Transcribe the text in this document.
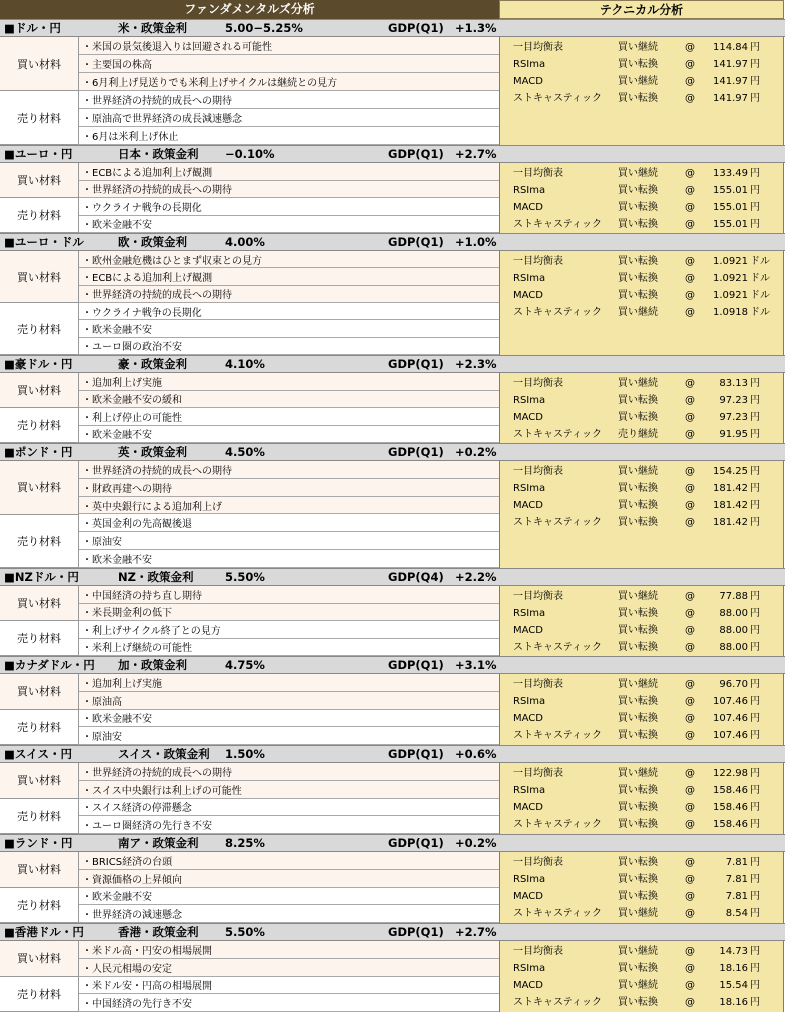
ファンダメンタルズ分析	テクニカル分析
■ドル・円	米・政策金利	5.00−5.25%	GDP(Q1) +1.3%
買い材料
・米国の景気後退入りは回避される可能性
・主要国の株高
・6月利上げ見送りでも米利上げサイクルは継続との見方
売り材料
・世界経済の持続的成長への期待
・原油高で世界経済の成長減速懸念
・6月は米利上げ休止
一目均衡表	買い継続	@ 114.84 円
RSIma	買い転換	@ 141.97 円
MACD	買い継続	@ 141.97 円
ストキャスティック 買い転換	@ 141.97 円
■ユーロ・円	日本・政策金利 −0.10%	GDP(Q1) +2.7%
買い材料
・ECBによる追加利上げ観測
・世界経済の持続的成長への期待
売り材料
・ウクライナ戦争の長期化
・欧米金融不安
一目均衡表	買い継続	@ 133.49 円
RSIma	買い転換	@ 155.01 円
MACD	買い転換	@ 155.01 円
ストキャスティック 買い転換	@ 155.01 円
■ユーロ・ドル	欧・政策金利	4.00%	GDP(Q1) +1.0%
買い材料
・欧州金融危機はひとまず収束との見方
・ECBによる追加利上げ観測
・世界経済の持続的成長への期待
売り材料
・ウクライナ戦争の長期化
・欧米金融不安
・ユーロ圏の政治不安
一目均衡表	買い転換	@ 1.0921 ドル
RSIma	買い転換	@ 1.0921 ドル
MACD	買い転換	@ 1.0921 ドル
ストキャスティック 買い継続	@ 1.0918 ドル
■豪ドル・円	豪・政策金利	4.10%	GDP(Q1) +2.3%
買い材料
・追加利上げ実施
・欧米金融不安の緩和
売り材料
・利上げ停止の可能性
・欧米金融不安
一目均衡表	買い継続	@ 83.13 円
RSIma	買い転換	@ 97.23 円
MACD	買い転換	@ 97.23 円
ストキャスティック 売り継続	@ 91.95 円
■ポンド・円	英・政策金利	4.50%	GDP(Q1) +0.2%
買い材料
・世界経済の持続的成長への期待
・財政再建への期待
・英中央銀行による追加利上げ
売り材料
・英国金利の先高観後退
・原油安
・欧米金融不安
一目均衡表	買い継続	@ 154.25 円
RSIma	買い転換	@ 181.42 円
MACD	買い転換	@ 181.42 円
ストキャスティック 買い転換	@ 181.42 円
■NZドル・円	NZ・政策金利	5.50%	GDP(Q4) +2.2%
買い材料
・中国経済の持ち直し期待
・米長期金利の低下
売り材料
・利上げサイクル終了との見方
・米利上げ継続の可能性
一目均衡表	買い継続	@ 77.88 円
RSIma	買い転換	@ 88.00 円
MACD	買い転換	@ 88.00 円
ストキャスティック 買い転換	@ 88.00 円
■カナダドル・円 加・政策金利	4.75%	GDP(Q1) +3.1%
買い材料
・追加利上げ実施
・原油高
売り材料
・欧米金融不安
・原油安
一目均衡表	買い継続	@ 96.70 円
RSIma	買い転換	@ 107.46 円
MACD	買い転換	@ 107.46 円
ストキャスティック 買い転換	@ 107.46 円
■スイス・円	スイス・政策金利 1.50%	GDP(Q1) +0.6%
買い材料
・世界経済の持続的成長への期待
・スイス中央銀行は利上げの可能性
売り材料
・スイス経済の停滞懸念
・ユーロ圏経済の先行き不安
一目均衡表	買い継続	@ 122.98 円
RSIma	買い転換	@ 158.46 円
MACD	買い転換	@ 158.46 円
ストキャスティック 買い転換	@ 158.46 円
■ランド・円	南ア・政策金利 8.25%	GDP(Q1) +0.2%
買い材料
・BRICS経済の台頭
・資源価格の上昇傾向
売り材料
・欧米金融不安
・世界経済の減速懸念
一目均衡表	買い転換	@	7.81 円
RSIma	買い転換	@	7.81 円
MACD	買い転換	@	7.81 円
ストキャスティック 買い継続	@	8.54 円
■香港ドル・円	香港・政策金利 5.50%	GDP(Q1) +2.7%
買い材料
・米ドル高・円安の相場展開
・人民元相場の安定
売り材料
・米ドル安・円高の相場展開
・中国経済の先行き不安
一目均衡表	買い継続	@ 14.73 円
RSIma	買い転換	@ 18.16 円
MACD	買い継続	@ 15.54 円
ストキャスティック 買い転換	@ 18.16 円
